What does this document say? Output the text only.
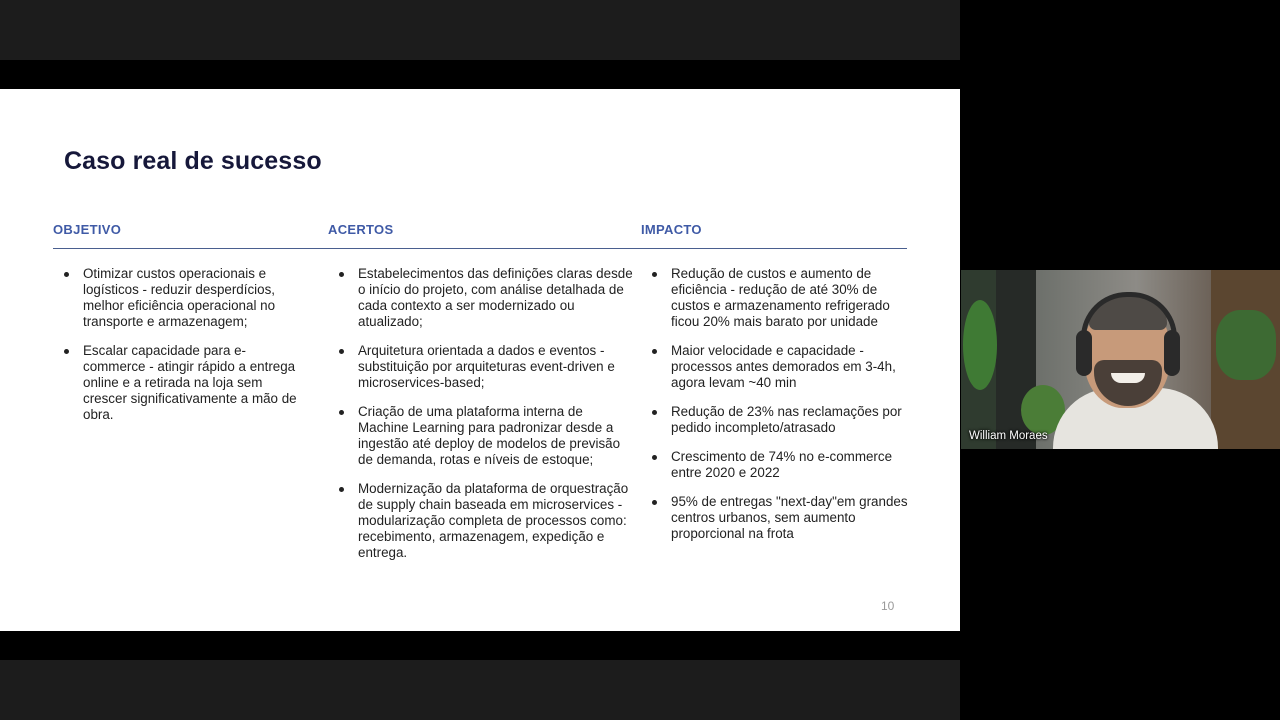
Caso real de sucesso
OBJETIVO	ACERTOS	IMPACTO
Otimizar custos operacionais e logísticos - reduzir desperdícios, melhor eficiência operacional no transporte e armazenagem;
Escalar capacidade para e-commerce - atingir rápido a entrega online e a retirada na loja sem crescer significativamente a mão de obra.
Estabelecimentos das definições claras desde o início do projeto, com análise detalhada de cada contexto a ser modernizado ou atualizado;
Arquitetura orientada a dados e eventos - substituição por arquiteturas event-driven e microservices-based;
Criação de uma plataforma interna de Machine Learning para padronizar desde a ingestão até deploy de modelos de previsão de demanda, rotas e níveis de estoque;
Modernização da plataforma de orquestração de supply chain baseada em microservices - modularização completa de processos como: recebimento, armazenagem, expedição e entrega.
Redução de custos e aumento de eficiência - redução de até 30% de custos e armazenamento refrigerado ficou 20% mais barato por unidade
Maior velocidade e capacidade - processos antes demorados em 3-4h, agora levam ~40 min
Redução de 23% nas reclamações por pedido incompleto/atrasado
Crescimento de 74% no e-commerce entre 2020 e 2022
95% de entregas "next-day"em grandes centros urbanos, sem aumento proporcional na frota
10
William Moraes
